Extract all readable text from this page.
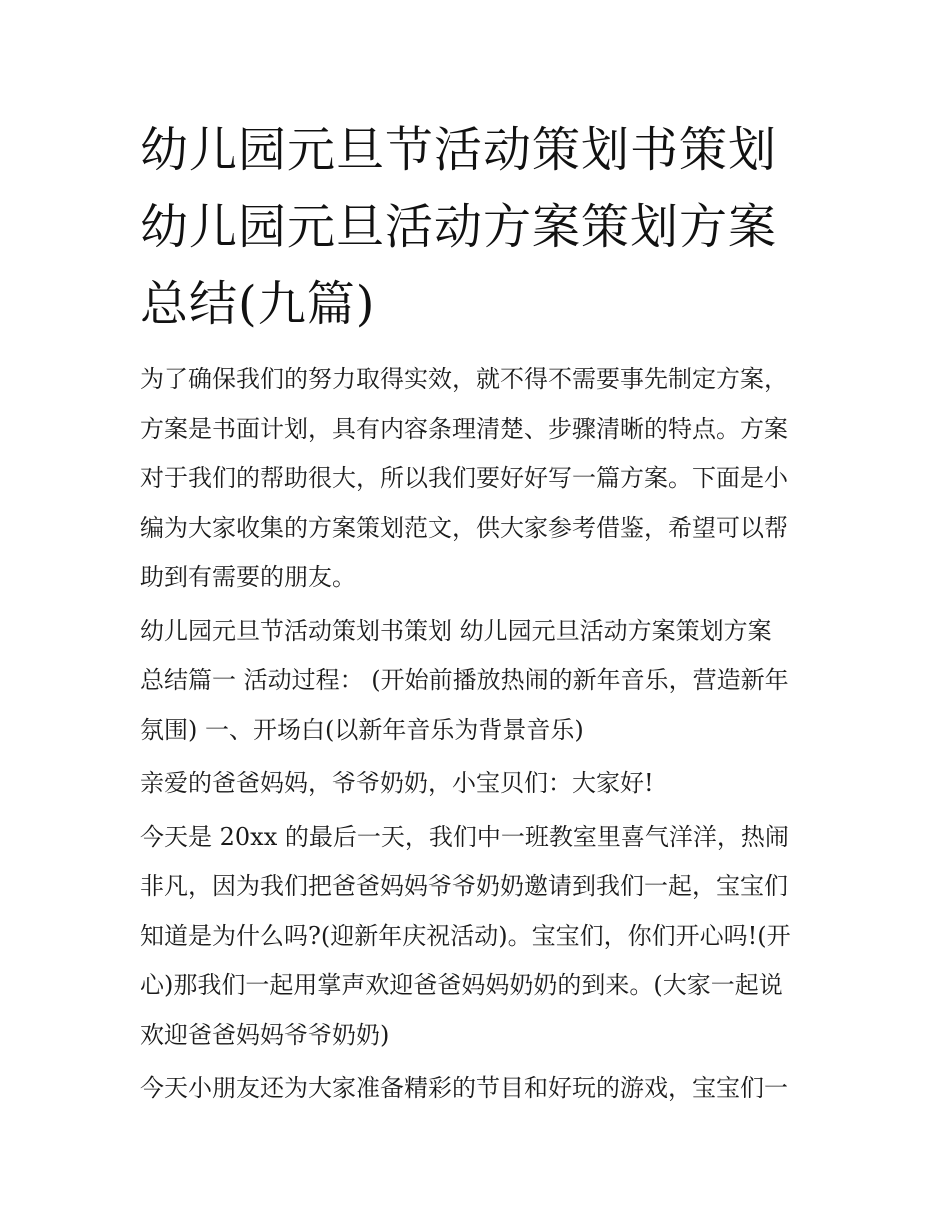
幼儿园元旦节活动策划书策划
幼儿园元旦活动方案策划方案
总结(九篇)

为了确保我们的努力取得实效，就不得不需要事先制定方案，
方案是书面计划，具有内容条理清楚、步骤清晰的特点。方案
对于我们的帮助很大，所以我们要好好写一篇方案。下面是小
编为大家收集的方案策划范文，供大家参考借鉴，希望可以帮
助到有需要的朋友。

幼儿园元旦节活动策划书策划 幼儿园元旦活动方案策划方案
总结篇一 活动过程： (开始前播放热闹的新年音乐，营造新年
氛围) 一、开场白(以新年音乐为背景音乐)

亲爱的爸爸妈妈，爷爷奶奶，小宝贝们：大家好!

今天是 20xx 的最后一天，我们中一班教室里喜气洋洋，热闹
非凡，因为我们把爸爸妈妈爷爷奶奶邀请到我们一起，宝宝们
知道是为什么吗?(迎新年庆祝活动)。宝宝们，你们开心吗!(开
心)那我们一起用掌声欢迎爸爸妈妈奶奶的到来。(大家一起说
欢迎爸爸妈妈爷爷奶奶)

今天小朋友还为大家准备精彩的节目和好玩的游戏，宝宝们一
